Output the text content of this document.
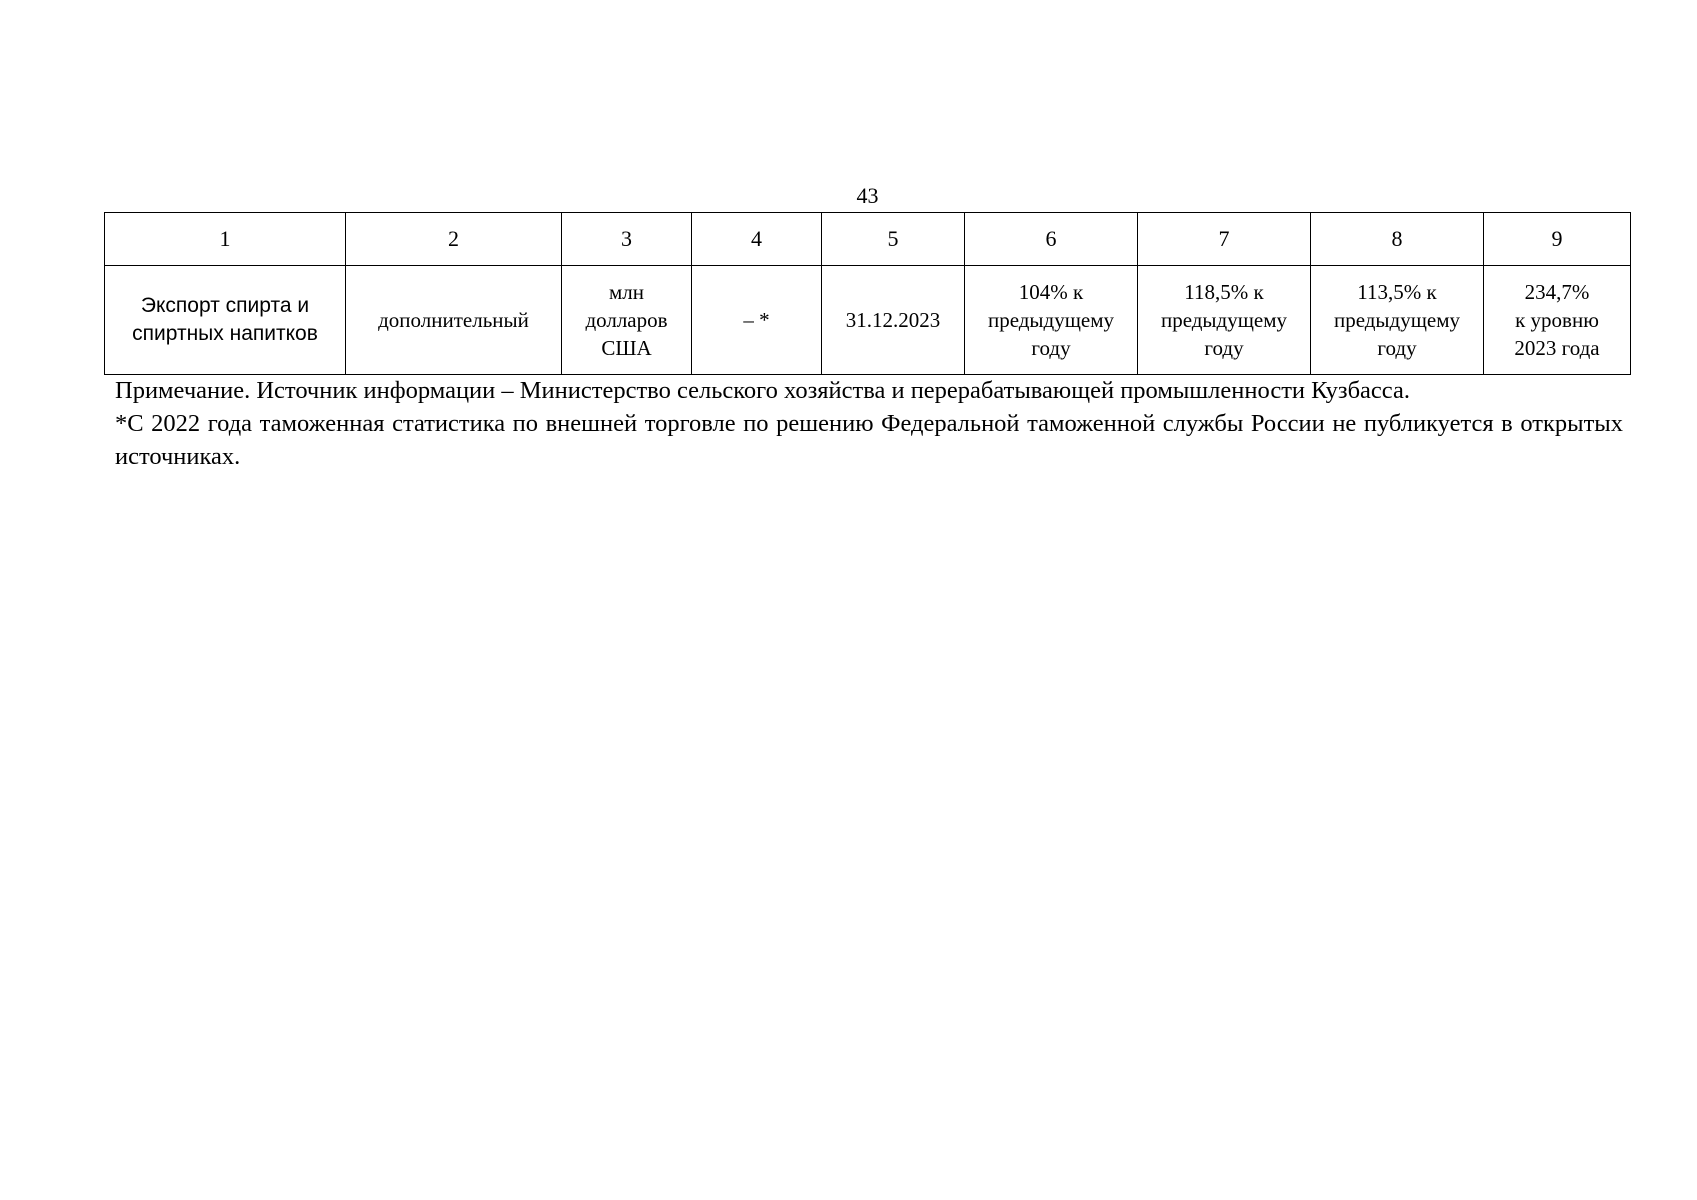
43
1	2	3	4	5	6	7	8	9

Экспорт спирта и
спиртных напитков	дополнительный	млн
долларов
США	– *	31.12.2023	104% к
предыдущему
году	118,5% к
предыдущему
году	113,5% к
предыдущему
году	234,7%
к уровню
2023 года

Примечание. Источник информации – Министерство сельского хозяйства и перерабатывающей промышленности Кузбасса.

*С 2022 года таможенная статистика по внешней торговле по решению Федеральной таможенной службы России не публикуется в открытых источниках.
